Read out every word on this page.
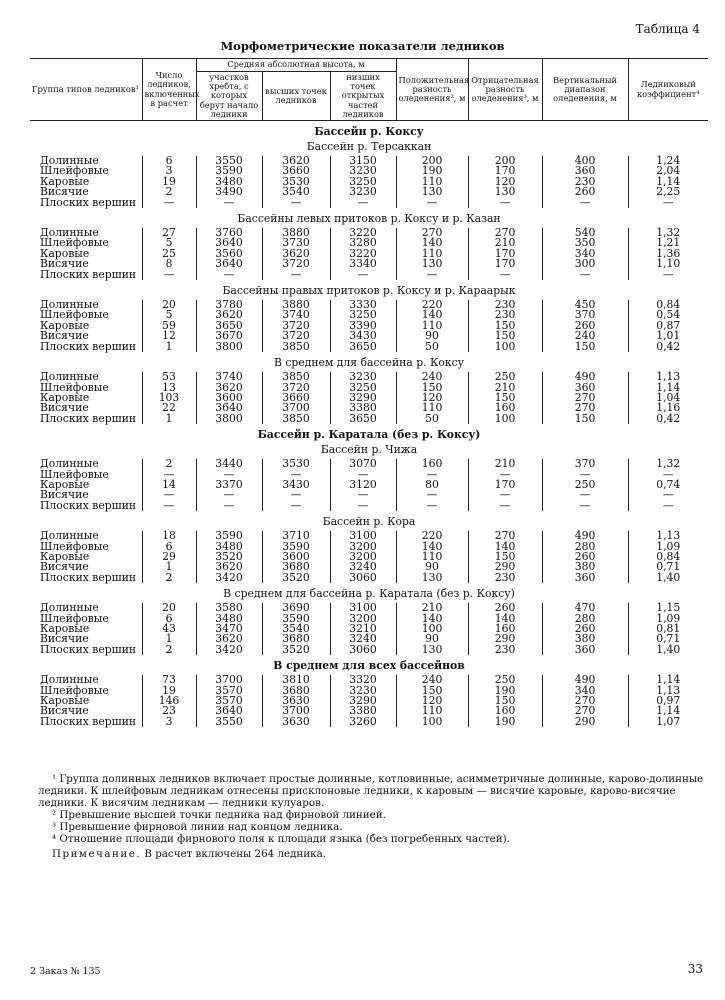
Таблица 4
Морфометрические показатели ледников
Группа типов ледников¹	Число ледников, включенных в расчет	Средняя абсолютная высота, м			Положительная разность оледенения², м	Отрицательная разность оледенения³, м	Вертикальный диапазон оледенения, м	Ледниковый коэффициент⁴
		участков хребта, с которых берут начало ледники	высших точек ледников	низших точек открытых частей ледников				
Бассейн р. Коксу								
Бассейн р. Терсаккан								
Долинные	6	3550	3620	3150	200	200	400	1,24
Шлейфовые	3	3590	3660	3230	190	170	360	2,04
Каровые	19	3480	3530	3250	110	120	230	1,14
Висячие	2	3490	3540	3230	130	130	260	2,25
Плоских вершин	—	—	—	—	—	—	—	—
Бассейны левых притоков р. Коксу и р. Казан								
Долинные	27	3760	3880	3220	270	270	540	1,32
Шлейфовые	5	3640	3730	3280	140	210	350	1,21
Каровые	25	3560	3620	3220	110	170	340	1,36
Висячие	8	3640	3720	3340	130	170	300	1,10
Плоских вершин	—	—	—	—	—	—	—	—
Бассейны правых притоков р. Коксу и р. Караарык								
Долинные	20	3780	3880	3330	220	230	450	0,84
Шлейфовые	5	3620	3740	3250	140	230	370	0,54
Каровые	59	3650	3720	3390	110	150	260	0,87
Висячие	12	3670	3720	3430	90	150	240	1,01
Плоских вершин	1	3800	3850	3650	50	100	150	0,42
В среднем для бассейна р. Коксу								
Долинные	53	3740	3850	3230	240	250	490	1,13
Шлейфовые	13	3620	3720	3250	150	210	360	1,14
Каровые	103	3600	3660	3290	120	150	270	1,04
Висячие	22	3640	3700	3380	110	160	270	1,16
Плоских вершин	1	3800	3850	3650	50	100	150	0,42
Бассейн р. Каратала (без р. Коксу)								
Бассейн р. Чижа								
Долинные	2	3440	3530	3070	160	210	370	1,32
Шлейфовые	—	—	—	—	—	—	—	—
Каровые	14	3370	3430	3120	80	170	250	0,74
Висячие	—	—	—	—	—	—	—	—
Плоских вершин	—	—	—	—	—	—	—	—
Бассейн р. Кора								
Долинные	18	3590	3710	3100	220	270	490	1,13
Шлейфовые	6	3480	3590	3200	140	140	280	1,09
Каровые	29	3520	3600	3200	110	150	260	0,84
Висячие	1	3620	3680	3240	90	290	380	0,71
Плоских вершин	2	3420	3520	3060	130	230	360	1,40
В среднем для бассейна р. Каратала (без р. Коксу)								
Долинные	20	3580	3690	3100	210	260	470	1,15
Шлейфовые	6	3480	3590	3200	140	140	280	1,09
Каровые	43	3470	3540	3210	100	160	260	0,81
Висячие	1	3620	3680	3240	90	290	380	0,71
Плоских вершин	2	3420	3520	3060	130	230	360	1,40
В среднем для всех бассейнов								
Долинные	73	3700	3810	3320	240	250	490	1,14
Шлейфовые	19	3570	3680	3230	150	190	340	1,13
Каровые	146	3570	3630	3290	120	150	270	0,97
Висячие	23	3640	3700	3380	110	160	270	1,14
Плоских вершин	3	3550	3630	3260	100	190	290	1,07

¹ Группа долинных ледников включает простые долинные, котловинные, асимметричные долинные, карово-долинные ледники. К шлейфовым ледникам отнесены присклоновые ледники, к каровым — висячие каровые, карово-висячие ледники. К висячим ледникам — ледники кулуаров.

² Превышение высшей точки ледника над фирновой линией.

³ Превышение фирновой линии над концом ледника.

⁴ Отношение площади фирнового поля к площади языка (без погребенных частей).

Примечание. В расчет включены 264 ледника.

2 Заказ № 135	33
